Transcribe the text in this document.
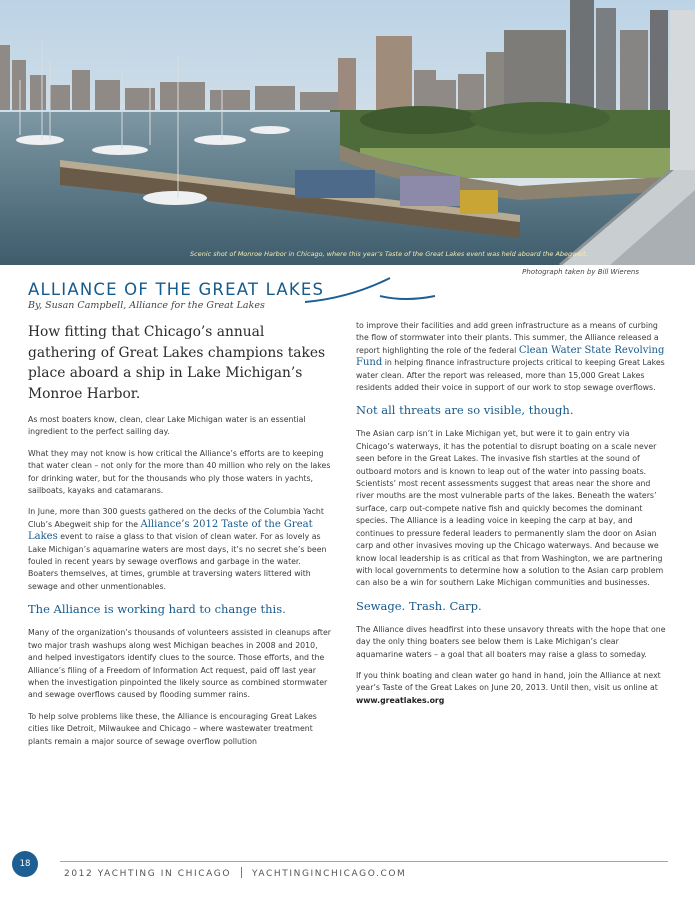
Scenic shot of Monroe Harbor in Chicago, where this year’s Taste of the Great Lakes event was held aboard the Abegweit.
Photograph taken by Bill Wierens
ALLIANCE OF THE GREAT LAKES
By, Susan Campbell, Alliance for the Great Lakes

How fitting that Chicago’s annual gathering of Great Lakes champions takes place aboard a ship in Lake Michigan’s Monroe Harbor.

As most boaters know, clean, clear Lake Michigan water is an essential ingredient to the perfect sailing day.

What they may not know is how critical the Alliance’s efforts are to keeping that water clean – not only for the more than 40 million who rely on the lakes for drinking water, but for the thousands who ply those waters in yachts, sailboats, kayaks and catamarans.

In June, more than 300 guests gathered on the decks of the Columbia Yacht Club’s Abegweit ship for the Alliance’s 2012 Taste of the Great Lakes event to raise a glass to that vision of clean water. For as lovely as Lake Michigan’s aquamarine waters are most days, it’s no secret she’s been fouled in recent years by sewage overflows and garbage in the water. Boaters themselves, at times, grumble at traversing waters littered with sewage and other unmentionables.

The Alliance is working hard to change this.

Many of the organization’s thousands of volunteers assisted in cleanups after two major trash washups along west Michigan beaches in 2008 and 2010, and helped investigators identify clues to the source. Those efforts, and the Alliance’s filing of a Freedom of Information Act request, paid off last year when the investigation pinpointed the likely source as combined stormwater and sewage overflows caused by flooding summer rains.

To help solve problems like these, the Alliance is encouraging Great Lakes cities like Detroit, Milwaukee and Chicago – where wastewater treatment plants remain a major source of sewage overflow pollution

to improve their facilities and add green infrastructure as a means of curbing the flow of stormwater into their plants. This summer, the Alliance released a report highlighting the role of the federal Clean Water State Revolving Fund in helping finance infrastructure projects critical to keeping Great Lakes water clean. After the report was released, more than 15,000 Great Lakes residents added their voice in support of our work to stop sewage overflows.

Not all threats are so visible, though.

The Asian carp isn’t in Lake Michigan yet, but were it to gain entry via Chicago’s waterways, it has the potential to disrupt boating on a scale never seen before in the Great Lakes. The invasive fish startles at the sound of outboard motors and is known to leap out of the water into passing boats. Scientists’ most recent assessments suggest that areas near the shore and river mouths are the most vulnerable parts of the lakes. Beneath the waters’ surface, carp out-compete native fish and quickly becomes the dominant species. The Alliance is a leading voice in keeping the carp at bay, and continues to pressure federal leaders to permanently slam the door on Asian carp and other invasives moving up the Chicago waterways. And because we know local leadership is as critical as that from Washington, we are partnering with local governments to determine how a solution to the Asian carp problem can also be a win for southern Lake Michigan communities and businesses.

Sewage. Trash. Carp.

The Alliance dives headfirst into these unsavory threats with the hope that one day the only thing boaters see below them is Lake Michigan’s clear aquamarine waters – a goal that all boaters may raise a glass to someday.

If you think boating and clean water go hand in hand, join the Alliance at next year’s Taste of the Great Lakes on June 20, 2013. Until then, visit us online at www.greatlakes.org

18
2012 YACHTING IN CHICAGO YACHTINGINCHICAGO.COM
